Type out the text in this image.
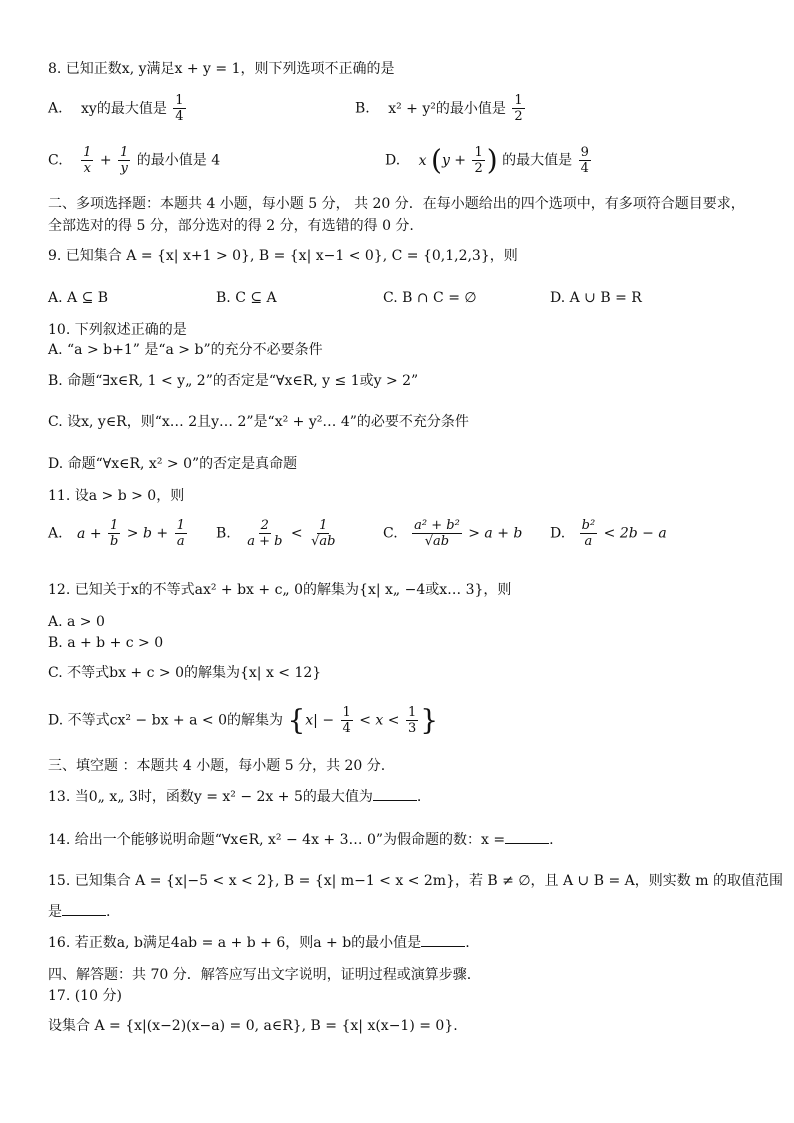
8. 已知正数x, y满足x + y = 1，则下列选项不正确的是
A. xy的最大值是 $\frac{1}{4}$	B. x² + y²的最小值是 $\frac{1}{2}$
C. $\frac{1}{x} + \frac{1}{y}$ 的最小值是 4	D. x ($y + \frac{1}{2}$ ) 的最大值是 $\frac{9}{4}$
二、多项选择题：本题共 4 小题，每小题 5 分， 共 20 分．在每小题给出的四个选项中，有多项符合题目要求，全部选对的得 5 分，部分选对的得 2 分，有选错的得 0 分.
9. 已知集合 A = {x| x+1 > 0}, B = {x| x−1 < 0}, C = {0,1,2,3}，则
A. A ⊆ B	B. C ⊆ A	C. B ∩ C = ∅	D. A ∪ B = R
10. 下列叙述正确的是
A. “a > b+1” 是“a > b”的充分不必要条件
B. 命题“∃x∈R, 1 < y„ 2”的否定是“∀x∈R, y ≤ 1或y > 2”
C. 设x, y∈R，则“x… 2且y… 2”是“x² + y²… 4”的必要不充分条件
D. 命题“∀x∈R, x² > 0”的否定是真命题
11. 设a > b > 0，则
A. $a + \frac{1}{b} > b + \frac{1}{a} B$. $\frac{2}{a + b} < \frac{1}{√ab}$	C. $\frac{\text{a² + b²}}{√ab} > a + b$ D. $\frac{\text{b²}}{a} < 2b - a$
12. 已知关于x的不等式ax² + bx + c„ 0的解集为{x| x„ −4或x… 3}，则
A. a > 0
B. a + b + c > 0
C. 不等式bx + c > 0的解集为{x| x < 12}
D. 不等式cx² − bx + a < 0的解集为 {$x| - \frac{1}{4} < x < \frac{1}{3}$ }
三、填空题 ：本题共 4 小题，每小题 5 分，共 20 分.
13. 当0„ x„ 3时，函数y = x² − 2x + 5的最大值为	.
14. 给出一个能够说明命题“∀x∈R, x² − 4x + 3… 0”为假命题的数：x =	.
15. 已知集合 A = {x|−5 < x < 2}, B = {x| m−1 < x < 2m}，若 B ≠ ∅，且 A ∪ B = A，则实数 m 的取值范围
是	.
16. 若正数a, b满足4ab = a + b + 6，则a + b的最小值是	.
四、解答题：共 70 分．解答应写出文字说明，证明过程或演算步骤.
17. (10 分)
设集合 A = {x|(x−2)(x−a) = 0, a∈R}, B = {x| x(x−1) = 0}.
